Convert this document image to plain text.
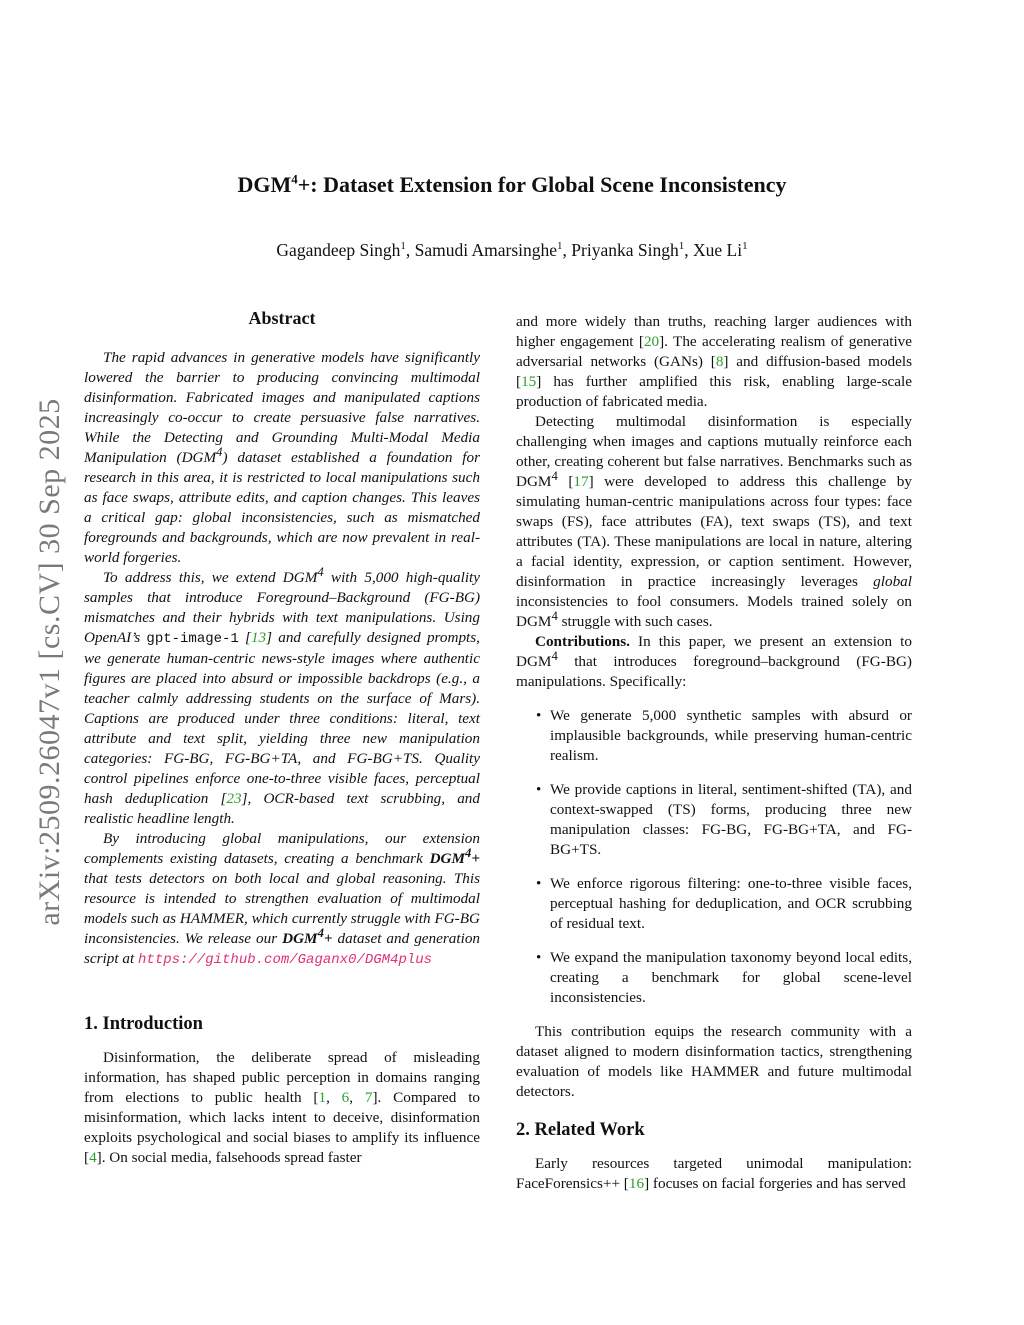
arXiv:2509.26047v1 [cs.CV] 30 Sep 2025
$DGM^4+$: Dataset Extension for Global Scene Inconsistency
Gagandeep Singh$^1$, Samudi Amarsinghe$^1$, Priyanka Singh$^1$, Xue Li$^1$
Abstract

The rapid advances in generative models have significantly lowered the barrier to producing convincing multimodal disinformation. Fabricated images and manipulated captions increasingly co-occur to create persuasive false narratives. While the Detecting and Grounding Multi-Modal Media Manipulation (DGM$^4$) dataset established a foundation for research in this area, it is restricted to local manipulations such as face swaps, attribute edits, and caption changes. This leaves a critical gap: global inconsistencies, such as mismatched foregrounds and backgrounds, which are now prevalent in real-world forgeries.

To address this, we extend DGM$^4$ with 5,000 high-quality samples that introduce Foreground–Background (FG-BG) mismatches and their hybrids with text manipulations. Using OpenAI’s gpt-image-1 [13] and carefully designed prompts, we generate human-centric news-style images where authentic figures are placed into absurd or impossible backdrops (e.g., a teacher calmly addressing students on the surface of Mars). Captions are produced under three conditions: literal, text attribute and text split, yielding three new manipulation categories: FG-BG, FG-BG+TA, and FG-BG+TS. Quality control pipelines enforce one-to-three visible faces, perceptual hash deduplication [23], OCR-based text scrubbing, and realistic headline length.

By introducing global manipulations, our extension complements existing datasets, creating a benchmark $DGM^4+$ that tests detectors on both local and global reasoning. This resource is intended to strengthen evaluation of multimodal models such as HAMMER, which currently struggle with FG-BG inconsistencies. We release our $DGM^4+$ dataset and generation script at https://github.com/Gaganx0/DGM4plus

1. Introduction

Disinformation, the deliberate spread of misleading information, has shaped public perception in domains ranging from elections to public health [1, 6, 7]. Compared to misinformation, which lacks intent to deceive, disinformation exploits psychological and social biases to amplify its influence [4]. On social media, falsehoods spread faster

and more widely than truths, reaching larger audiences with higher engagement [20]. The accelerating realism of generative adversarial networks (GANs) [8] and diffusion-based models [15] has further amplified this risk, enabling large-scale production of fabricated media.

Detecting multimodal disinformation is especially challenging when images and captions mutually reinforce each other, creating coherent but false narratives. Benchmarks such as DGM$^4$ [17] were developed to address this challenge by simulating human-centric manipulations across four types: face swaps (FS), face attributes (FA), text swaps (TS), and text attributes (TA). These manipulations are local in nature, altering a facial identity, expression, or caption sentiment. However, disinformation in practice increasingly leverages global inconsistencies to fool consumers. Models trained solely on DGM$^4$ struggle with such cases.

Contributions. In this paper, we present an extension to DGM$^4$ that introduces foreground–background (FG-BG) manipulations. Specifically:

• We generate 5,000 synthetic samples with absurd or implausible backgrounds, while preserving human-centric realism.
• We provide captions in literal, sentiment-shifted (TA), and context-swapped (TS) forms, producing three new manipulation classes: FG-BG, FG-BG+TA, and FG-BG+TS.
• We enforce rigorous filtering: one-to-three visible faces, perceptual hashing for deduplication, and OCR scrubbing of residual text.
• We expand the manipulation taxonomy beyond local edits, creating a benchmark for global scene-level inconsistencies.

This contribution equips the research community with a dataset aligned to modern disinformation tactics, strengthening evaluation of models like HAMMER and future multimodal detectors.

2. Related Work

Early resources targeted unimodal manipulation: FaceForensics++ [16] focuses on facial forgeries and has served
